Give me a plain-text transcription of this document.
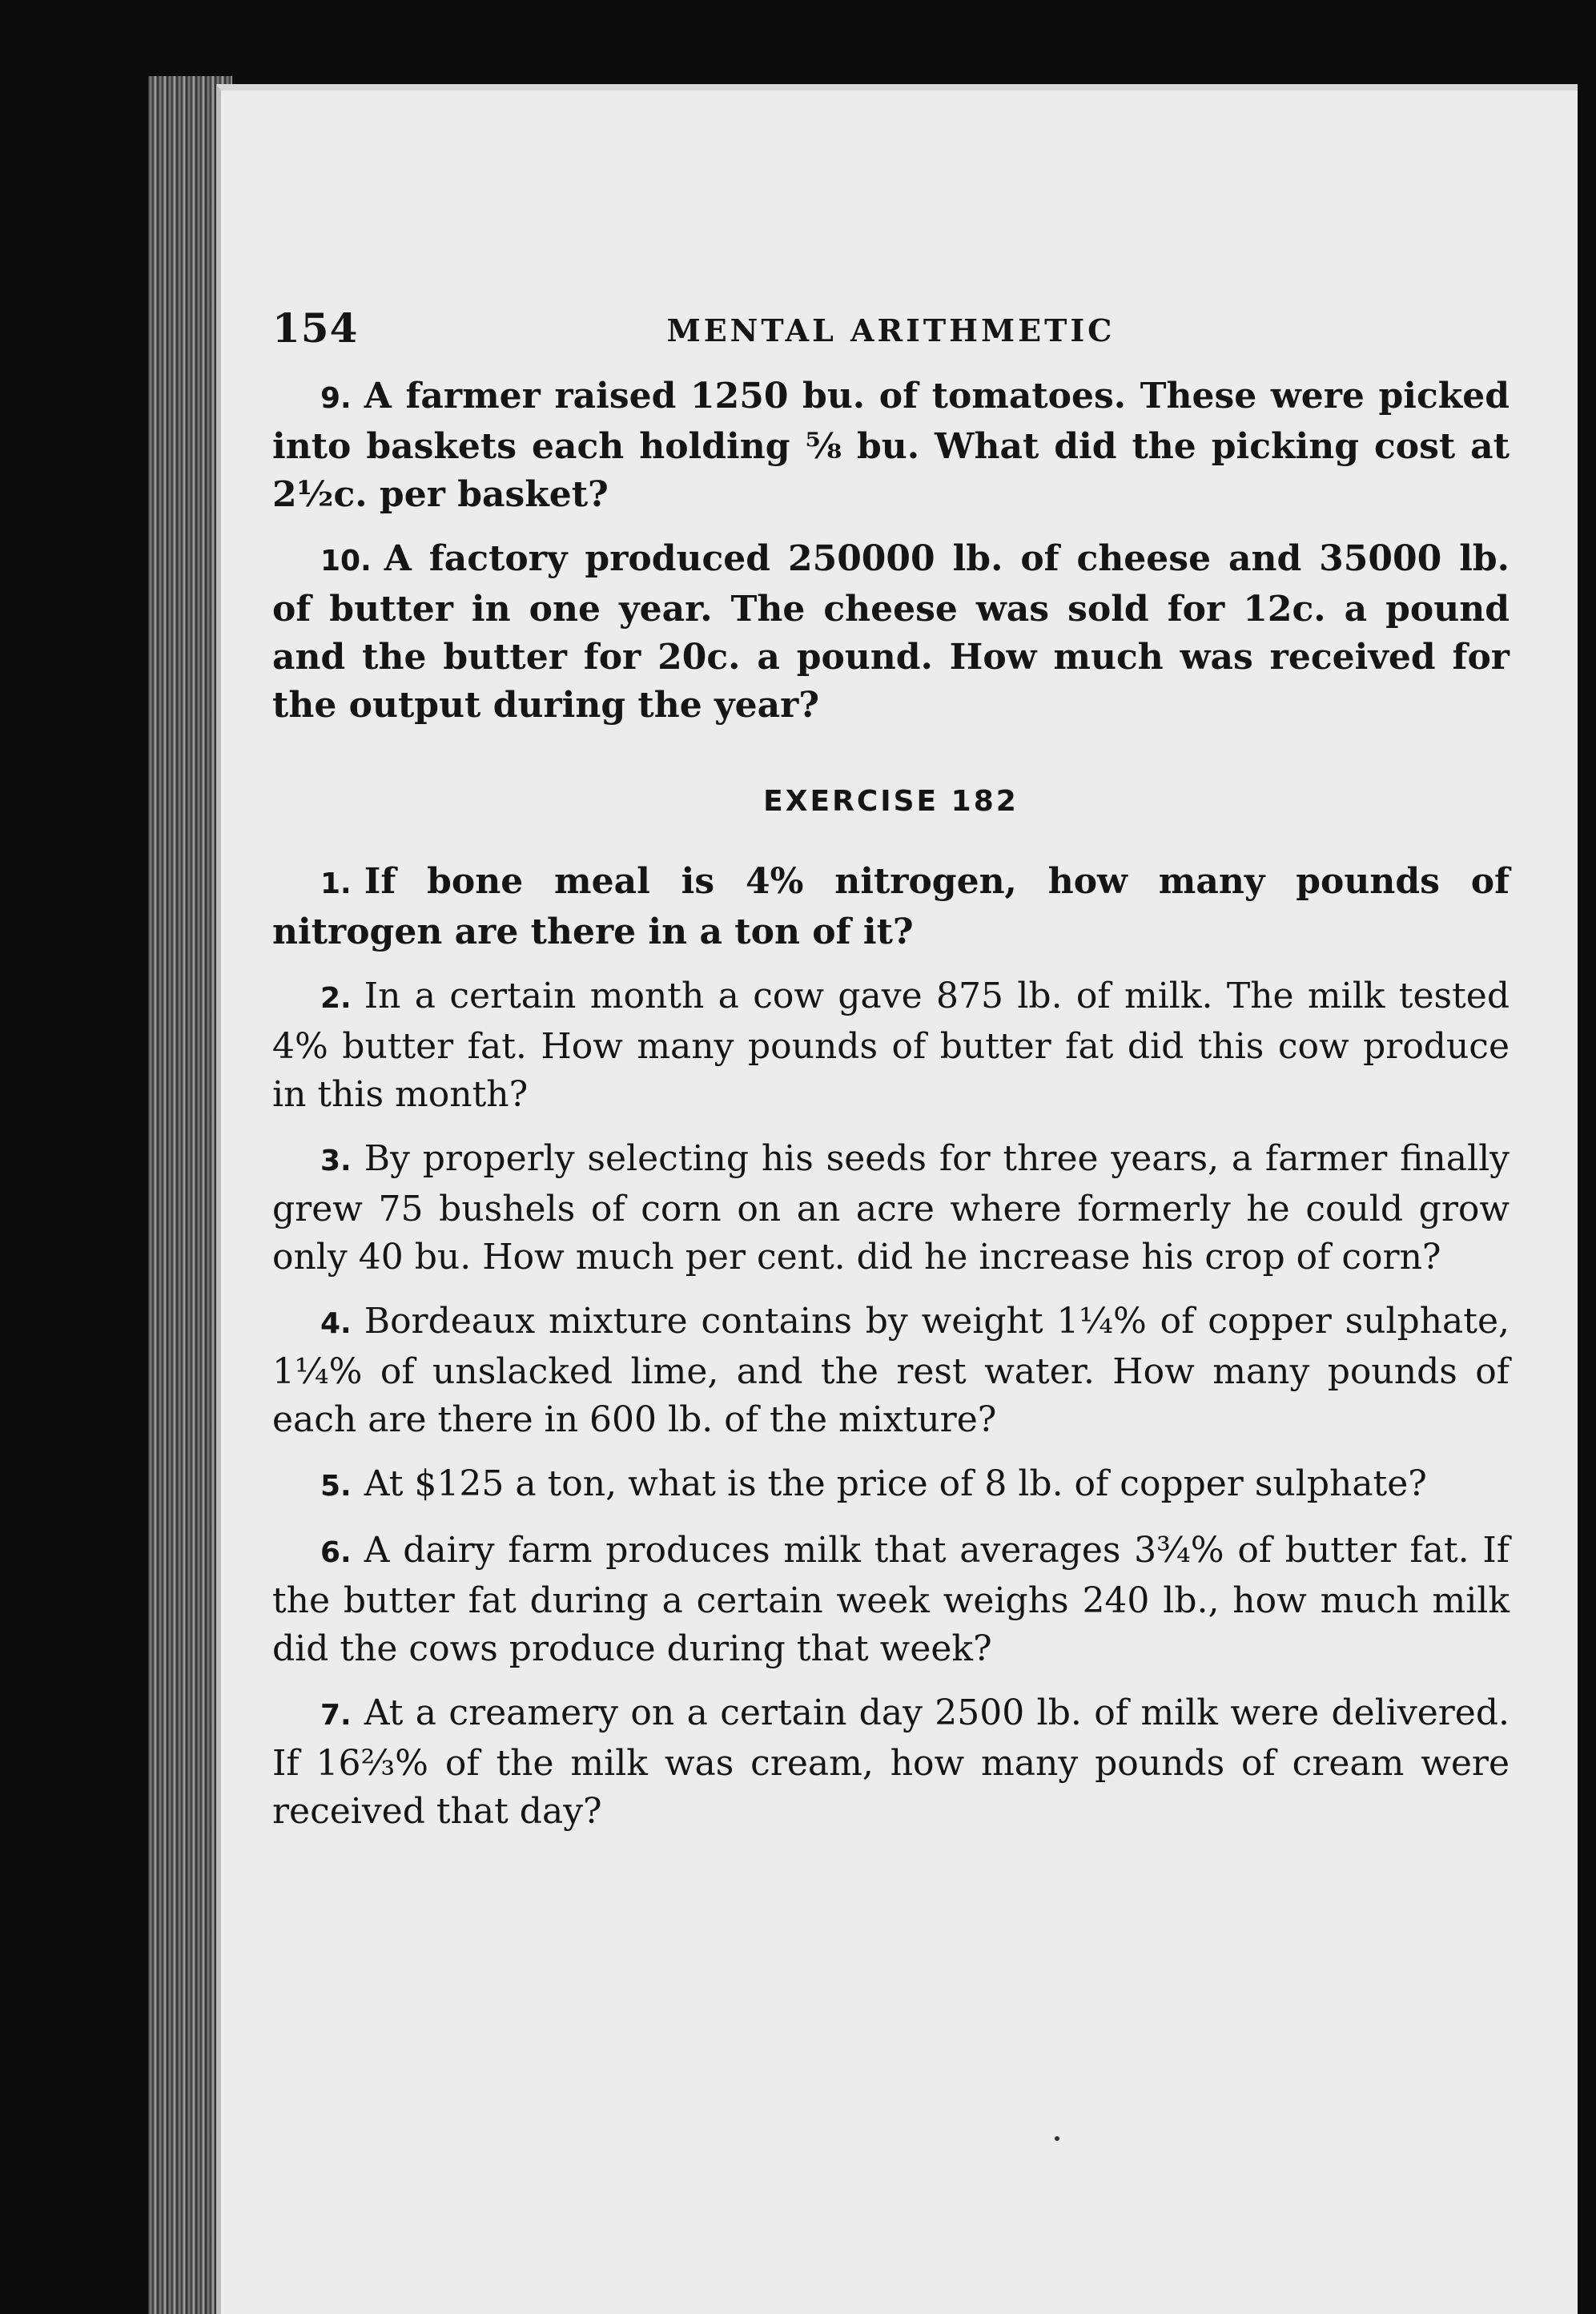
154	MENTAL ARITHMETIC

9. A farmer raised 1250 bu. of tomatoes. These were picked into baskets each holding ⅝ bu. What did the picking cost at 2½c. per basket?

10. A factory produced 250000 lb. of cheese and 35000 lb. of butter in one year. The cheese was sold for 12c. a pound and the butter for 20c. a pound. How much was received for the output during the year?

EXERCISE 182

1. If bone meal is 4% nitrogen, how many pounds of nitrogen are there in a ton of it?

2. In a certain month a cow gave 875 lb. of milk. The milk tested 4% butter fat. How many pounds of butter fat did this cow produce in this month?

3. By properly selecting his seeds for three years, a farmer finally grew 75 bushels of corn on an acre where formerly he could grow only 40 bu. How much per cent. did he increase his crop of corn?

4. Bordeaux mixture contains by weight 1¼% of copper sulphate, 1¼% of unslacked lime, and the rest water. How many pounds of each are there in 600 lb. of the mixture?

5. At $125 a ton, what is the price of 8 lb. of copper sulphate?

6. A dairy farm produces milk that averages 3¾% of butter fat. If the butter fat during a certain week weighs 240 lb., how much milk did the cows produce during that week?

7. At a creamery on a certain day 2500 lb. of milk were delivered. If 16⅔% of the milk was cream, how many pounds of cream were received that day?
